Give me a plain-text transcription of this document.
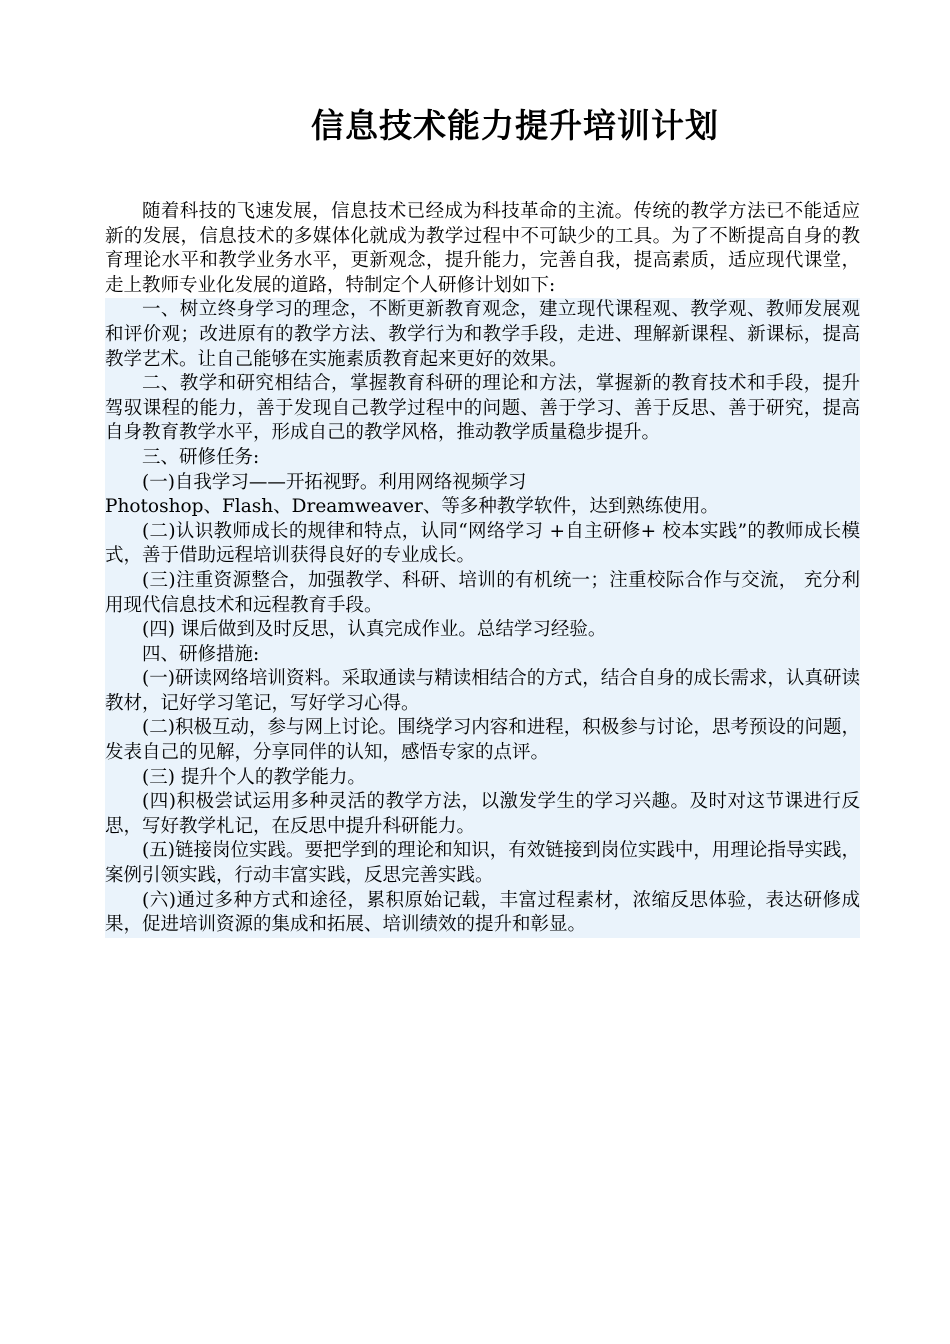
信息技术能力提升培训计划

随着科技的飞速发展，信息技术已经成为科技革命的主流。传统的教学方法已不能适应新的发展，信息技术的多媒体化就成为教学过程中不可缺少的工具。为了不断提高自身的教育理论水平和教学业务水平，更新观念，提升能力，完善自我，提高素质，适应现代课堂，走上教师专业化发展的道路，特制定个人研修计划如下:

一、树立终身学习的理念，不断更新教育观念，建立现代课程观、教学观、教师发展观和评价观；改进原有的教学方法、教学行为和教学手段，走进、理解新课程、新课标，提高教学艺术。让自己能够在实施素质教育起来更好的效果。

二、教学和研究相结合，掌握教育科研的理论和方法，掌握新的教育技术和手段，提升驾驭课程的能力，善于发现自己教学过程中的问题、善于学习、善于反思、善于研究，提高自身教育教学水平，形成自己的教学风格，推动教学质量稳步提升。

三、研修任务:

(一)自我学习——开拓视野。利用网络视频学习

Photoshop、Flash、Dreamweaver、等多种教学软件，达到熟练使用。

(二)认识教师成长的规律和特点，认同“网络学习 +自主研修+ 校本实践”的教师成长模式，善于借助远程培训获得良好的专业成长。

(三)注重资源整合，加强教学、科研、培训的有机统一；注重校际合作与交流， 充分利用现代信息技术和远程教育手段。

(四) 课后做到及时反思，认真完成作业。总结学习经验。

四、研修措施:

(一)研读网络培训资料。采取通读与精读相结合的方式，结合自身的成长需求，认真研读教材，记好学习笔记，写好学习心得。

(二)积极互动，参与网上讨论。围绕学习内容和进程，积极参与讨论，思考预设的问题，发表自己的见解，分享同伴的认知，感悟专家的点评。

(三) 提升个人的教学能力。

(四)积极尝试运用多种灵活的教学方法，以激发学生的学习兴趣。及时对这节课进行反思，写好教学札记，在反思中提升科研能力。

(五)链接岗位实践。要把学到的理论和知识，有效链接到岗位实践中，用理论指导实践，案例引领实践，行动丰富实践，反思完善实践。

(六)通过多种方式和途径，累积原始记载，丰富过程素材，浓缩反思体验，表达研修成果，促进培训资源的集成和拓展、培训绩效的提升和彰显。
